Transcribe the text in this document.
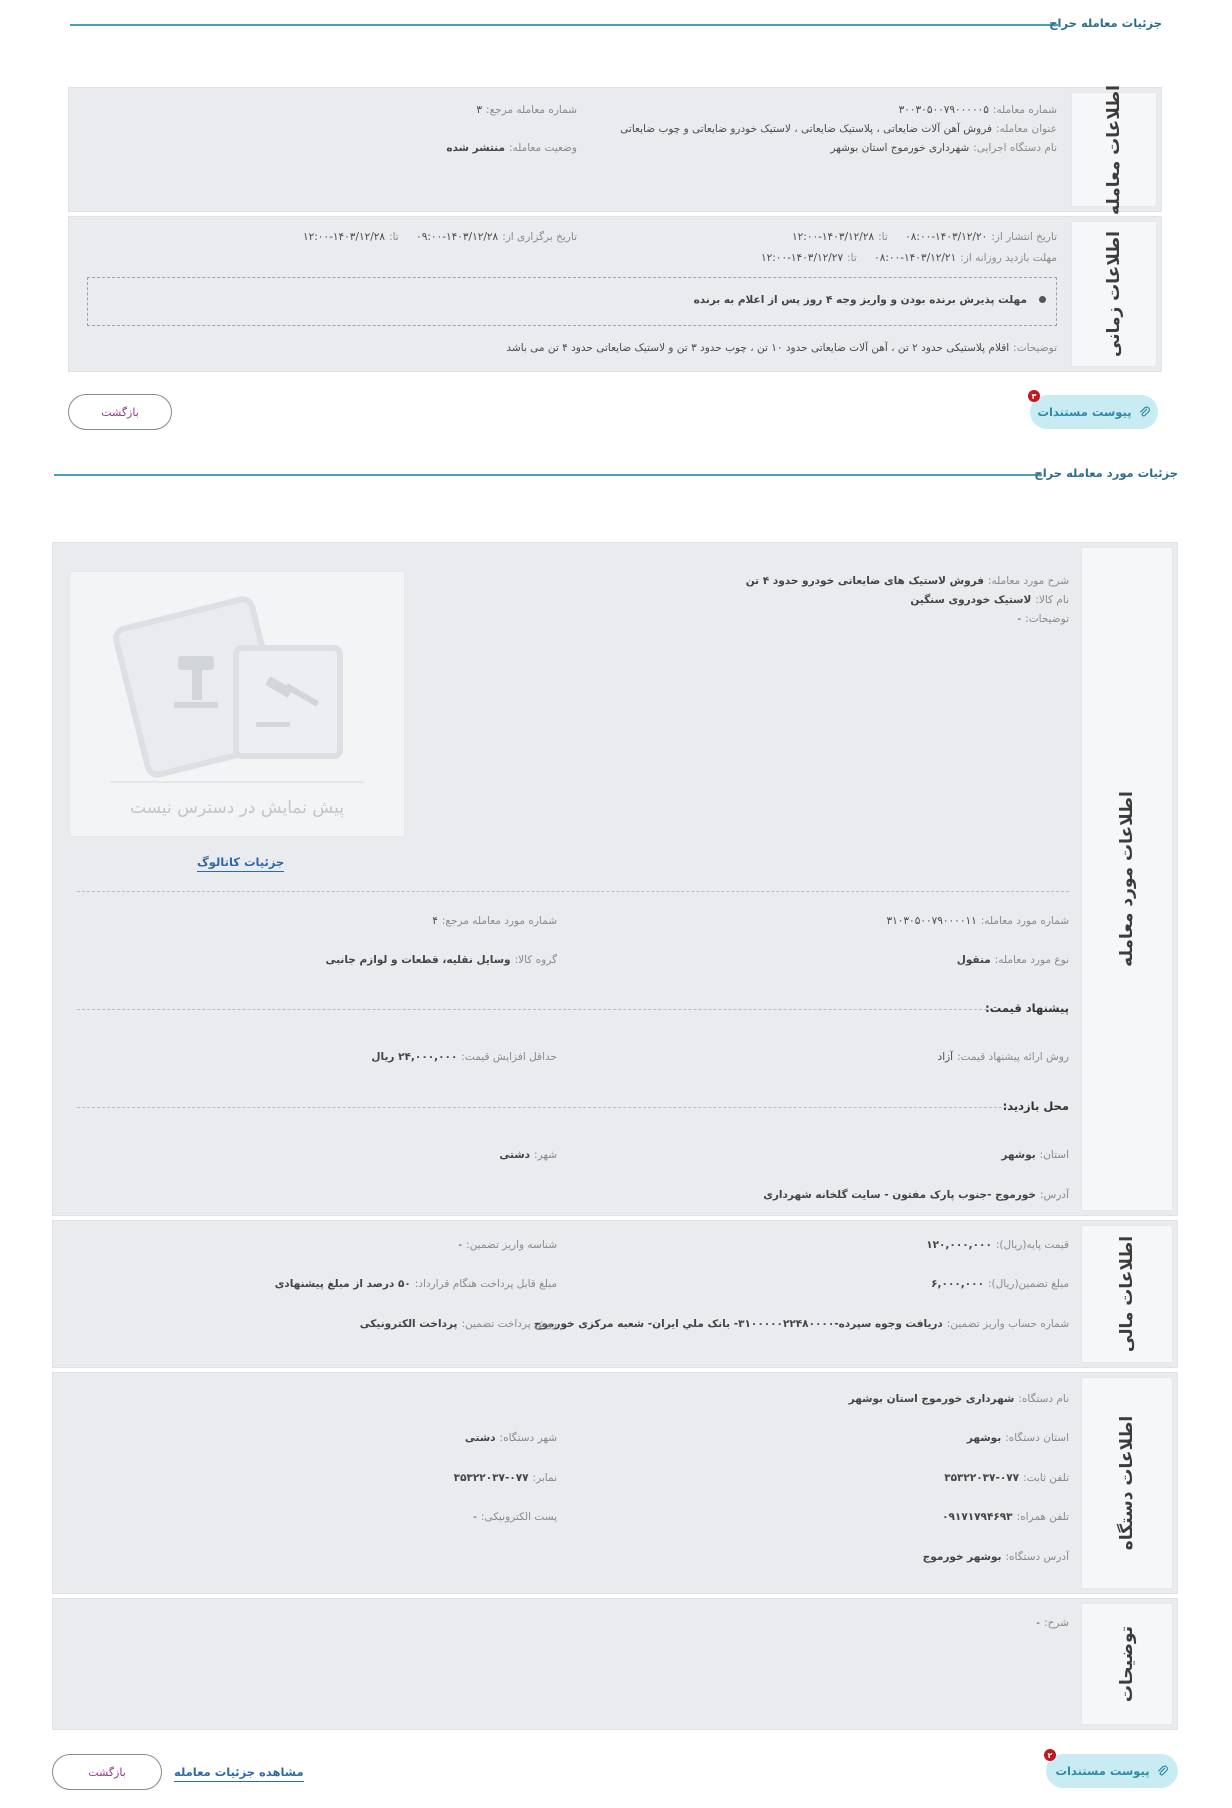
جزئیات معامله حراج
اطلاعات معامله
شماره معامله:۳۰۰۳۰۵۰۰۷۹۰۰۰۰۰۵
عنوان معامله:فروش آهن آلات ضایعاتی ، پلاستیک ضایعاتی ، لاستیک خودرو ضایعاتی و چوب ضایعاتی
نام دستگاه اجرایی:شهرداری خورموج استان بوشهر
شماره معامله مرجع:۳
وضعیت معامله:منتشر شده
اطلاعات زمانی
تاریخ انتشار از:۱۴۰۳/۱۲/۲۰-۰۸:۰۰ تا:۱۴۰۳/۱۲/۲۸-۱۲:۰۰
مهلت بازدید روزانه از:۱۴۰۳/۱۲/۲۱-۰۸:۰۰ تا:۱۴۰۳/۱۲/۲۷-۱۲:۰۰
تاریخ برگزاری از:۱۴۰۳/۱۲/۲۸-۰۹:۰۰ تا:۱۴۰۳/۱۲/۲۸-۱۲:۰۰
مهلت پذیرش برنده بودن و واریز وجه ۴ روز پس از اعلام به برنده
توضیحات:اقلام پلاستیکی حدود ۲ تن ، آهن آلات ضایعاتی حدود ۱۰ تن ، چوب حدود ۳ تن و لاستیک ضایعاتی حدود ۴ تن می باشد
بازگشت
۳
پیوست مستندات
جزئیات مورد معامله حراج
اطلاعات مورد معامله
شرح مورد معامله:فروش لاستیک های ضایعاتی خودرو حدود ۴ تن
نام کالا:لاستیک خودروی سنگین
توضیحات:-
پیش نمایش در دسترس نیست
جزئیات کاتالوگ
شماره مورد معامله:۳۱۰۳۰۵۰۰۷۹۰۰۰۰۱۱
شماره مورد معامله مرجع:۴
نوع مورد معامله:منقول
گروه کالا:وسایل نقلیه، قطعات و لوازم جانبی
پیشنهاد قیمت:
روش ارائه پیشنهاد قیمت:آزاد
حداقل افزایش قیمت:۲۴,۰۰۰,۰۰۰ ریال
محل بازدید:
استان:بوشهر
شهر:دشتی
آدرس:خورموج -جنوب پارک مفتون - سایت گلخانه شهرداری
اطلاعات مالی
قیمت پایه(ریال):۱۲۰,۰۰۰,۰۰۰
شناسه واریز تضمین:-
مبلغ تضمین(ریال):۶,۰۰۰,۰۰۰
مبلغ قابل پرداخت هنگام قرارداد:۵۰ درصد از مبلغ پیشنهادی
شماره حساب واریز تضمین:دریافت وجوه سپرده-۳۱۰۰۰۰۰۲۲۴۸۰۰۰۰- بانک ملي ايران- شعبه مرکزی خورموج
روش پرداخت تضمین:پرداخت الکترونیکی
اطلاعات دستگاه
نام دستگاه:شهرداری خورموج استان بوشهر
استان دستگاه:بوشهر
شهر دستگاه:دشتی
تلفن ثابت:۰۷۷-۳۵۳۲۲۰۳۷
نمابر:۰۷۷-۳۵۳۲۲۰۳۷
تلفن همراه:۰۹۱۷۱۷۹۴۶۹۳
پست الکترونیکی:-
آدرس دستگاه:بوشهر خورموج
توضیحات
شرح:-
بازگشت	مشاهده جزئیات معامله
۲
پیوست مستندات
